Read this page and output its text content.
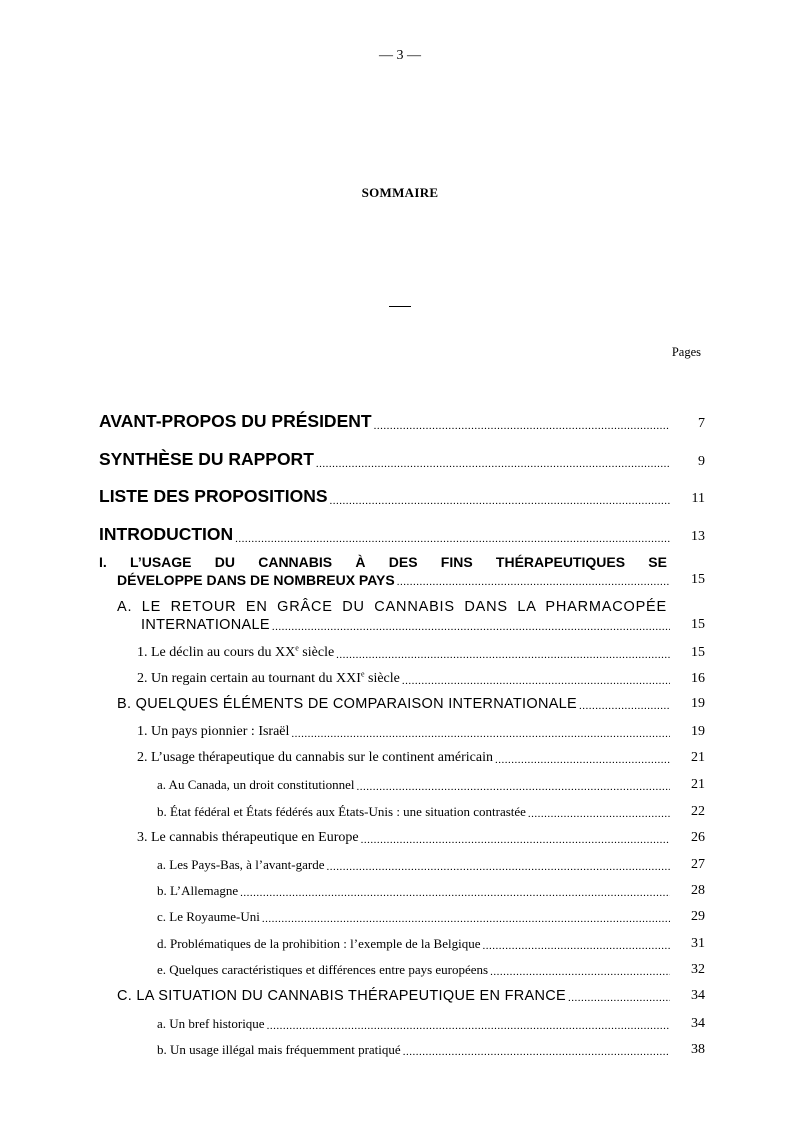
— 3 —
SOMMAIRE
Pages
AVANT-PROPOS DU PRÉSIDENT .....	7
SYNTHÈSE DU RAPPORT .....	9
LISTE DES PROPOSITIONS .....	11
INTRODUCTION .....	13
I. L’USAGE DU CANNABIS À DES FINS THÉRAPEUTIQUES SE
DÉVELOPPE DANS DE NOMBREUX PAYS .....	15
A. LE RETOUR EN GRÂCE DU CANNABIS DANS LA PHARMACOPÉE
INTERNATIONALE .....	15
1. Le déclin au cours du XXe siècle .....	15
2. Un regain certain au tournant du XXIe siècle .....	16
B. QUELQUES ÉLÉMENTS DE COMPARAISON INTERNATIONALE .....	19
1. Un pays pionnier : Israël .....	19
2. L’usage thérapeutique du cannabis sur le continent américain .....	21
a. Au Canada, un droit constitutionnel .....	21
b. État fédéral et États fédérés aux États-Unis : une situation contrastée .....	22
3. Le cannabis thérapeutique en Europe .....	26
a. Les Pays-Bas, à l’avant-garde .....	27
b. L’Allemagne .....	28
c. Le Royaume-Uni .....	29
d. Problématiques de la prohibition : l’exemple de la Belgique .....	31
e. Quelques caractéristiques et différences entre pays européens .....	32
C. LA SITUATION DU CANNABIS THÉRAPEUTIQUE EN FRANCE .....	34
a. Un bref historique .....	34
b. Un usage illégal mais fréquemment pratiqué .....	38
